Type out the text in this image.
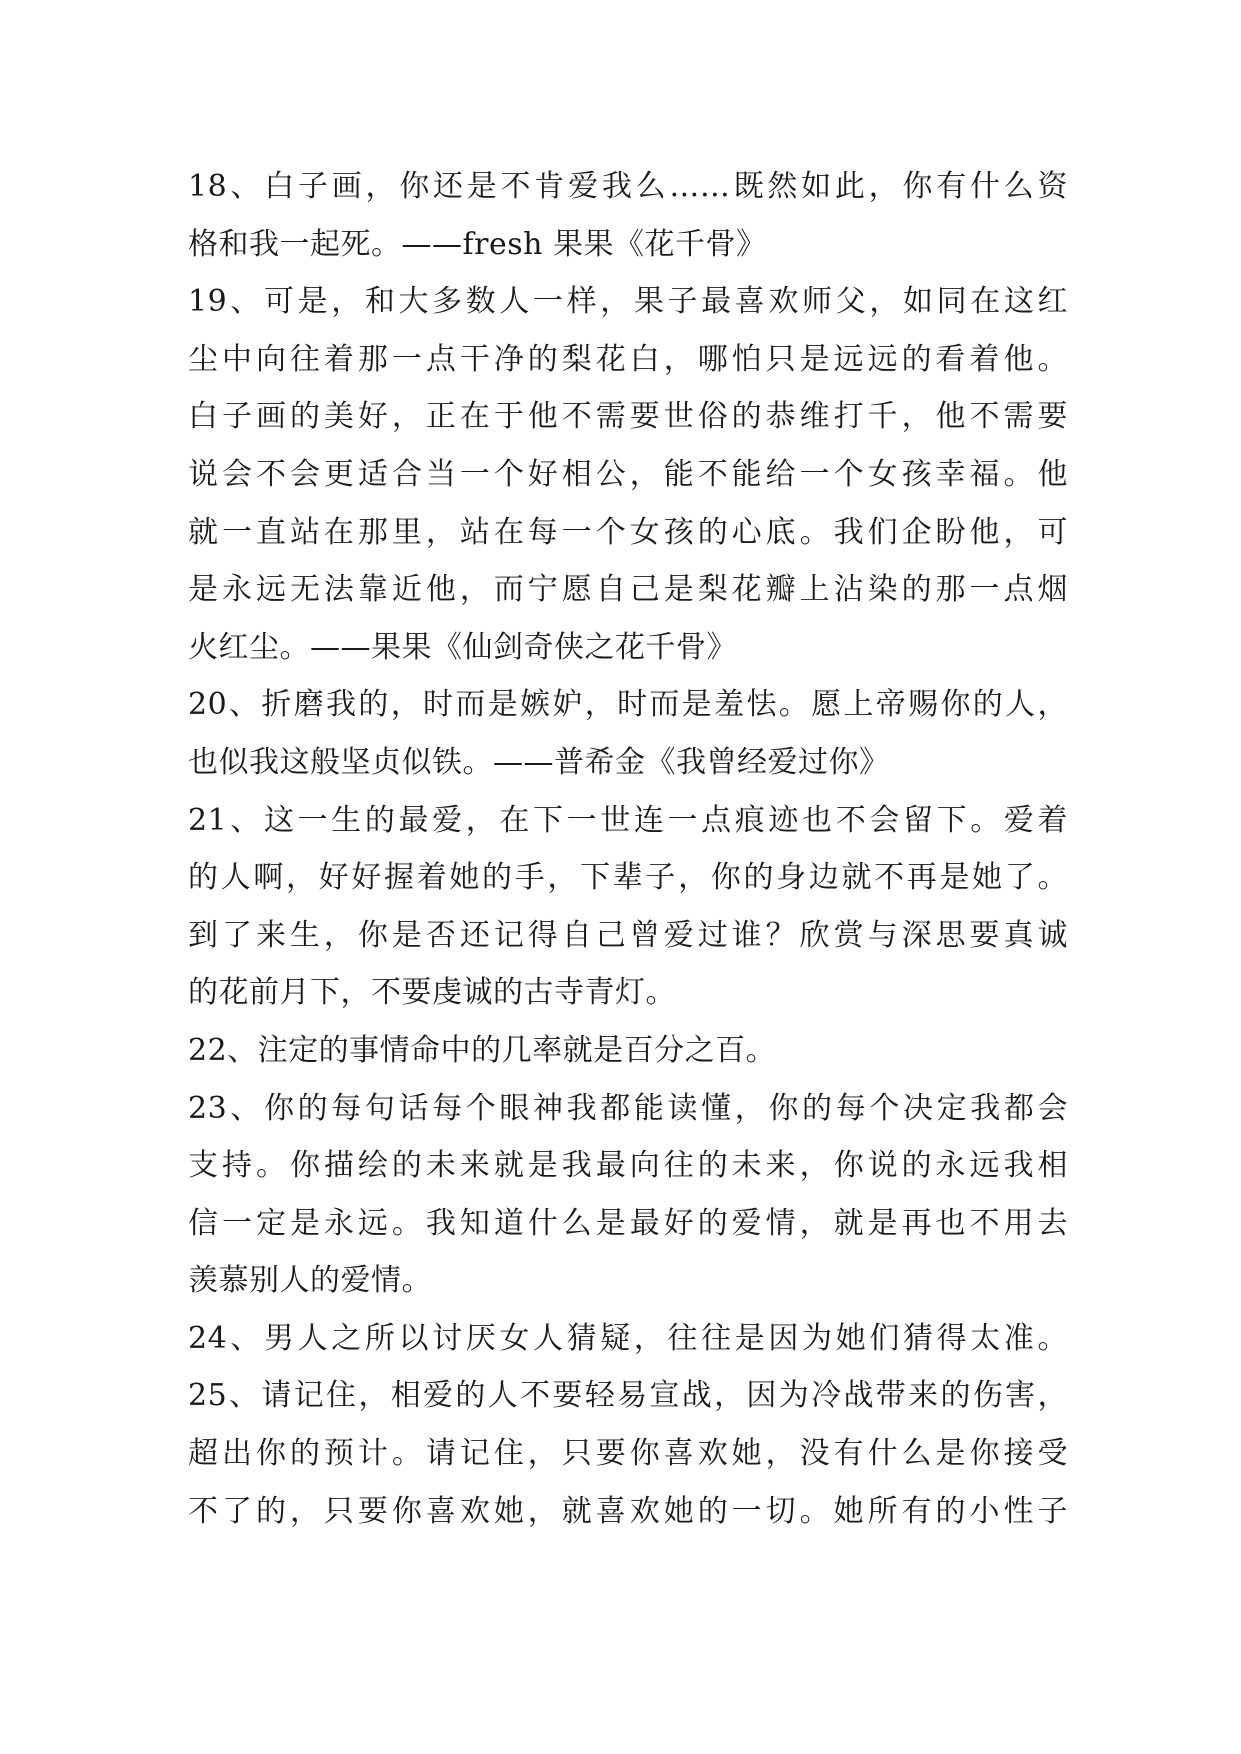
18、白子画，你还是不肯爱我么……既然如此，你有什么资
格和我一起死。——fresh 果果《花千骨》
19、可是，和大多数人一样，果子最喜欢师父，如同在这红
尘中向往着那一点干净的梨花白，哪怕只是远远的看着他。
白子画的美好，正在于他不需要世俗的恭维打千，他不需要
说会不会更适合当一个好相公，能不能给一个女孩幸福。他
就一直站在那里，站在每一个女孩的心底。我们企盼他，可
是永远无法靠近他，而宁愿自己是梨花瓣上沾染的那一点烟
火红尘。——果果《仙剑奇侠之花千骨》
20、折磨我的，时而是嫉妒，时而是羞怯。愿上帝赐你的人，
也似我这般坚贞似铁。——普希金《我曾经爱过你》
21、这一生的最爱，在下一世连一点痕迹也不会留下。爱着
的人啊，好好握着她的手，下辈子，你的身边就不再是她了。
到了来生，你是否还记得自己曾爱过谁？欣赏与深思要真诚
的花前月下，不要虔诚的古寺青灯。
22、注定的事情命中的几率就是百分之百。
23、你的每句话每个眼神我都能读懂，你的每个决定我都会
支持。你描绘的未来就是我最向往的未来，你说的永远我相
信一定是永远。我知道什么是最好的爱情，就是再也不用去
羡慕别人的爱情。
24、男人之所以讨厌女人猜疑，往往是因为她们猜得太准。
25、请记住，相爱的人不要轻易宣战，因为冷战带来的伤害，
超出你的预计。请记住，只要你喜欢她，没有什么是你接受
不了的，只要你喜欢她，就喜欢她的一切。她所有的小性子
